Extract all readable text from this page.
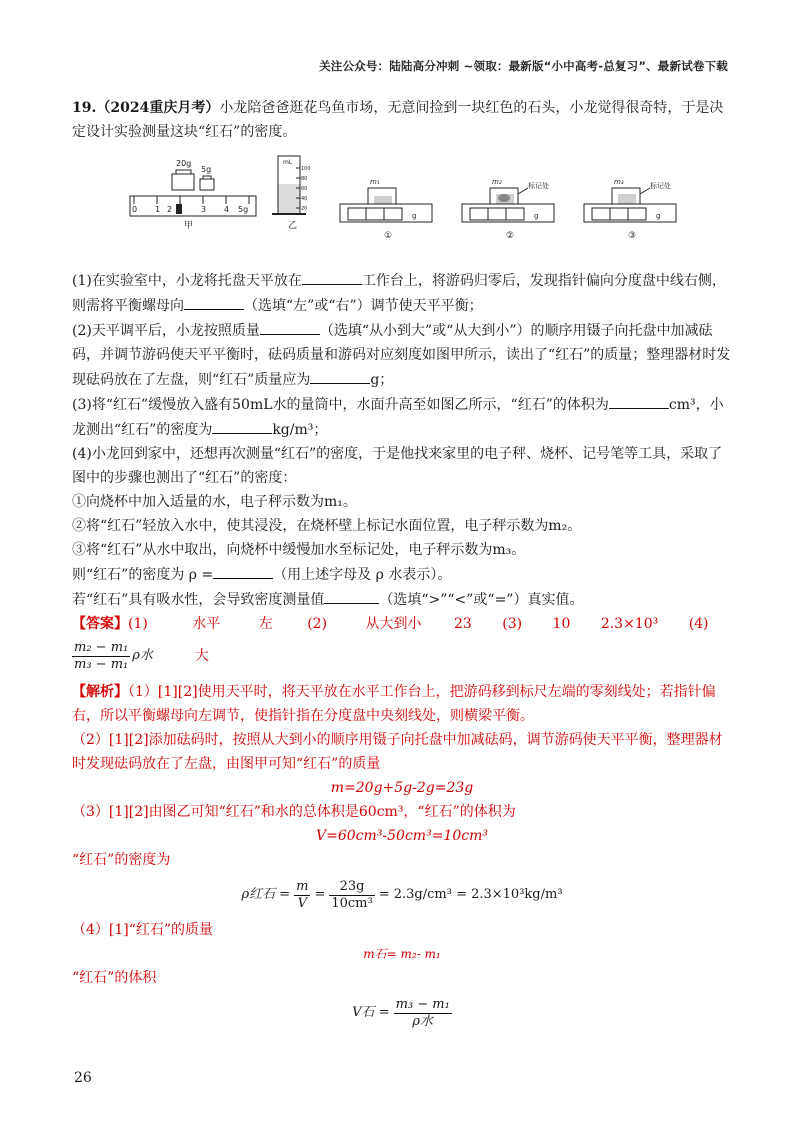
关注公众号：陆陆高分冲刺 ~领取：最新版“小中高考-总复习”、最新试卷下载

19.（2024重庆月考）小龙陪爸爸逛花鸟鱼市场，无意间捡到一块红色的石头，小龙觉得很奇特，于是决定设计实验测量这块“红石”的密度。

20g
5g
0 1 2	3 4 5g
甲
mL
100
80
60
40
20
乙
m₁
g
①
m₂	标记处
g
②
m₃	标记处
g
③

(1)在实验室中，小龙将托盘天平放在	工作台上，将游码归零后，发现指针偏向分度盘中线右侧，则需将平衡螺母向	（选填“左”或“右”）调节使天平平衡；

(2)天平调平后，小龙按照质量	（选填“从小到大”或“从大到小”）的顺序用镊子向托盘中加减砝码，并调节游码使天平平衡时，砝码质量和游码对应刻度如图甲所示，读出了“红石”的质量；整理器材时发现砝码放在了左盘，则“红石”质量应为	g；

(3)将“红石”缓慢放入盛有50mL水的量筒中，水面升高至如图乙所示，“红石”的体积为	cm³，小龙测出“红石”的密度为	kg/m³；

(4)小龙回到家中，还想再次测量“红石”的密度，于是他找来家里的电子秤、烧杯、记号笔等工具，采取了图中的步骤也测出了“红石”的密度：

①向烧杯中加入适量的水，电子秤示数为m₁。

②将“红石”轻放入水中，使其浸没，在烧杯壁上标记水面位置，电子秤示数为m₂。

③将“红石”从水中取出，向烧杯中缓慢加水至标记处，电子秤示数为m₃。

则“红石”的密度为 ρ =	（用上述字母及 ρ 水表示）。

若“红石”具有吸水性，会导致密度测量值	（选填“>”“<”或“=”）真实值。

【答案】(1)	水平	左 (2)	从大到小 23 (3) 10 2.3×10³ (4)

$\frac{\text{m₂ − m₁}}{\text{m₃ − m₁}}$ ρ水	大

【解析】（1）[1][2]使用天平时，将天平放在水平工作台上，把游码移到标尺左端的零刻线处；若指针偏右，所以平衡螺母向左调节，使指针指在分度盘中央刻线处，则横梁平衡。

（2）[1][2]添加砝码时，按照从大到小的顺序用镊子向托盘中加减砝码，调节游码使天平平衡，整理器材时发现砝码放在了左盘，由图甲可知“红石”的质量

m=20g+5g-2g=23g

（3）[1][2]由图乙可知“红石”和水的总体积是60cm³，“红石”的体积为

V=60cm³-50cm³=10cm³

“红石”的密度为

ρ红石 = $\frac{m}{V} = \frac{23g}{\text{10cm³}} = 2.3g/cm^3 = 2.3\times 10^3kg/m^3$

（4）[1]“红石”的质量

m石= m₂- m₁

“红石”的体积

V石 = $\frac{\text{m₃ − m₁}}{\text{ρ水}}$
26
